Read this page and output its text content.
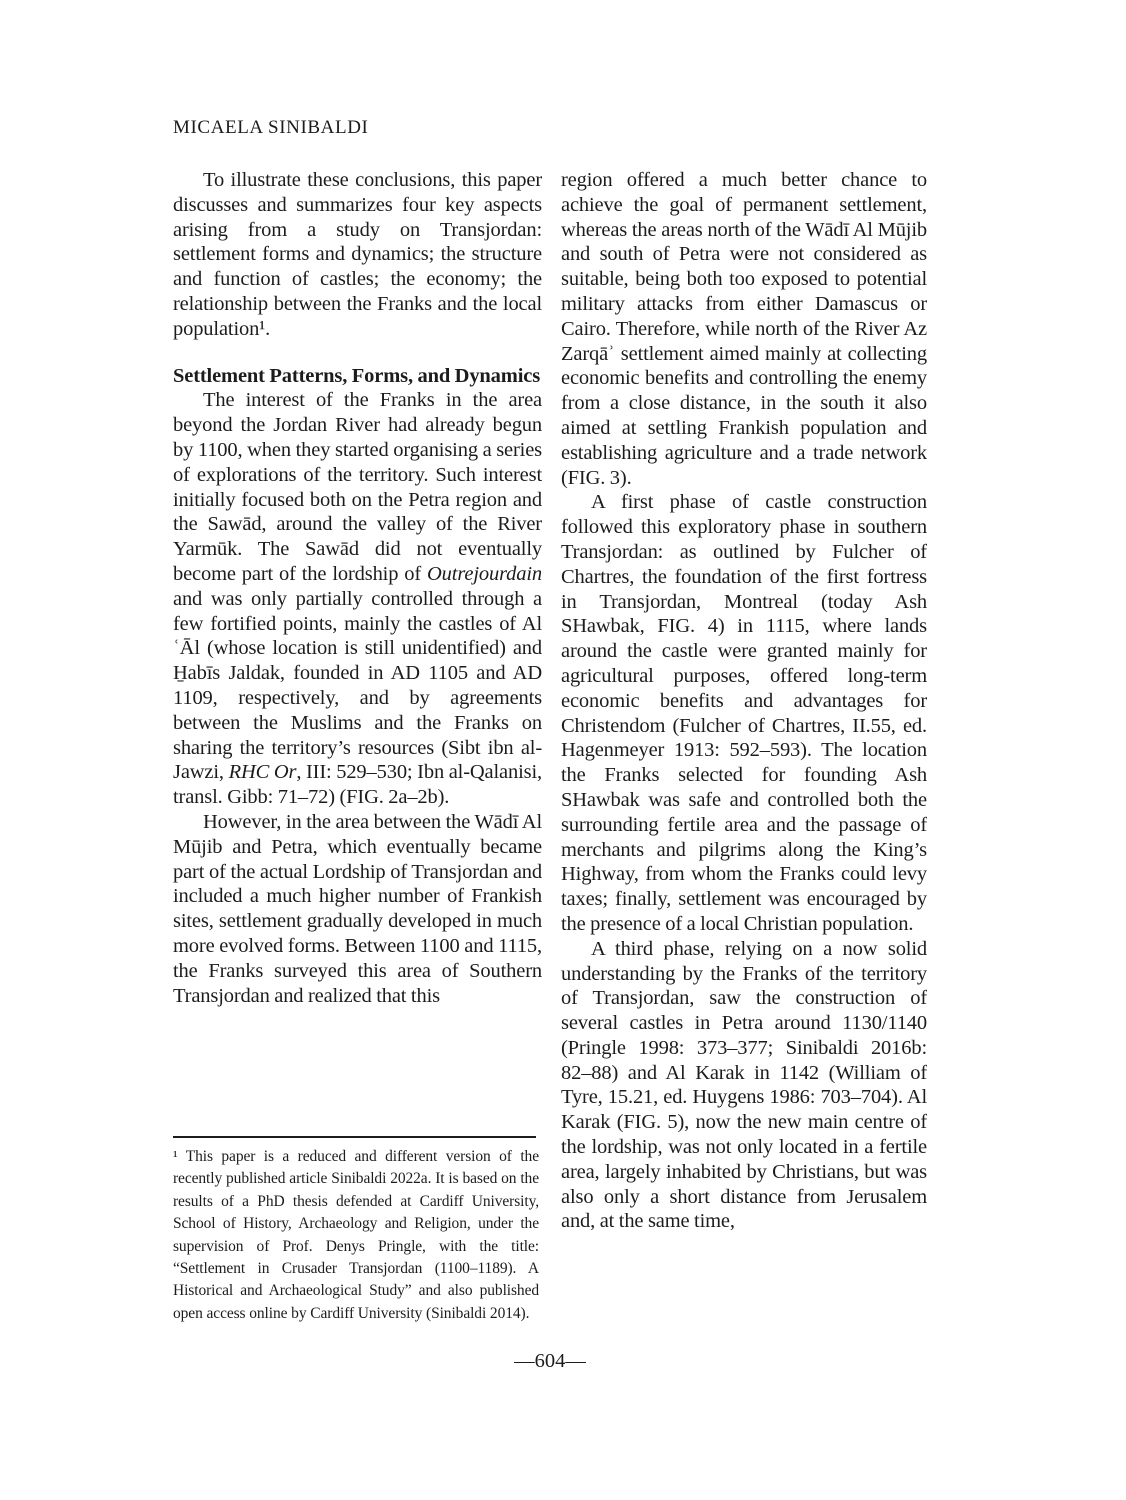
MICAELA SINIBALDI

To illustrate these conclusions, this paper discusses and summarizes four key aspects arising from a study on Transjordan: settlement forms and dynamics; the structure and function of castles; the economy; the relationship between the Franks and the local population¹.

Settlement Patterns, Forms, and Dynamics

The interest of the Franks in the area beyond the Jordan River had already begun by 1100, when they started organising a series of explorations of the territory. Such interest initially focused both on the Petra region and the Sawād, around the valley of the River Yarmūk. The Sawād did not eventually become part of the lordship of Outrejourdain and was only partially controlled through a few fortified points, mainly the castles of Al ʿĀl (whose location is still unidentified) and H̱abīs Jaldak, founded in AD 1105 and AD 1109, respectively, and by agreements between the Muslims and the Franks on sharing the territory’s resources (Sibt ibn al-Jawzi, RHC Or, III: 529–530; Ibn al-Qalanisi, transl. Gibb: 71–72) (FIG. 2a–2b).

However, in the area between the Wādī Al Mūjib and Petra, which eventually became part of the actual Lordship of Transjordan and included a much higher number of Frankish sites, settlement gradually developed in much more evolved forms. Between 1100 and 1115, the Franks surveyed this area of Southern Transjordan and realized that this

region offered a much better chance to achieve the goal of permanent settlement, whereas the areas north of the Wādī Al Mūjib and south of Petra were not considered as suitable, being both too exposed to potential military attacks from either Damascus or Cairo. Therefore, while north of the River Az Zarqāʾ settlement aimed mainly at collecting economic benefits and controlling the enemy from a close distance, in the south it also aimed at settling Frankish population and establishing agriculture and a trade network (FIG. 3).

A first phase of castle construction followed this exploratory phase in southern Transjordan: as outlined by Fulcher of Chartres, the foundation of the first fortress in Transjordan, Montreal (today Ash SHawbak, FIG. 4) in 1115, where lands around the castle were granted mainly for agricultural purposes, offered long-term economic benefits and advantages for Christendom (Fulcher of Chartres, II.55, ed. Hagenmeyer 1913: 592–593). The location the Franks selected for founding Ash SHawbak was safe and controlled both the surrounding fertile area and the passage of merchants and pilgrims along the King’s Highway, from whom the Franks could levy taxes; finally, settlement was encouraged by the presence of a local Christian population.

A third phase, relying on a now solid understanding by the Franks of the territory of Transjordan, saw the construction of several castles in Petra around 1130/1140 (Pringle 1998: 373–377; Sinibaldi 2016b: 82–88) and Al Karak in 1142 (William of Tyre, 15.21, ed. Huygens 1986: 703–704). Al Karak (FIG. 5), now the new main centre of the lordship, was not only located in a fertile area, largely inhabited by Christians, but was also only a short distance from Jerusalem and, at the same time,

¹ This paper is a reduced and different version of the recently published article Sinibaldi 2022a. It is based on the results of a PhD thesis defended at Cardiff University, School of History, Archaeology and Religion, under the supervision of Prof. Denys Pringle, with the title: “Settlement in Crusader Transjordan (1100–1189). A Historical and Archaeological Study” and also published open access online by Cardiff University (Sinibaldi 2014).

—604—
